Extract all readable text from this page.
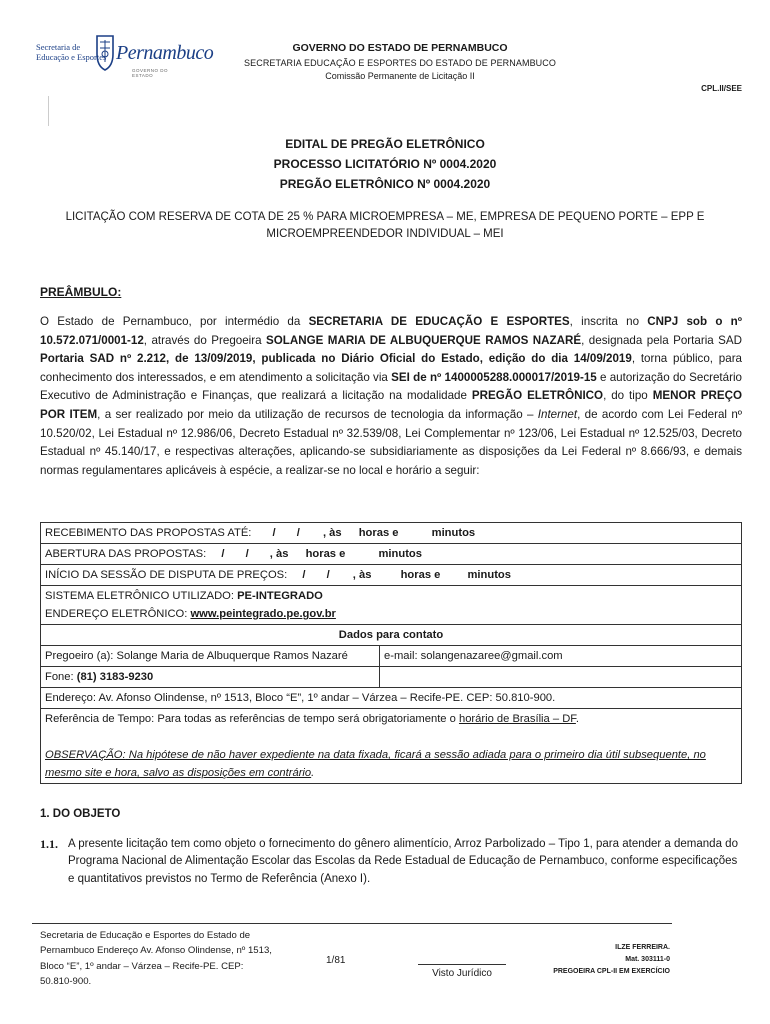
Secretaria de
Educação e Esportes Pernambuco
GOVERNO DO ESTADO
GOVERNO DO ESTADO DE PERNAMBUCO
SECRETARIA EDUCAÇÃO E ESPORTES DO ESTADO DE PERNAMBUCO
Comissão Permanente de Licitação II
CPL.II/SEE
EDITAL DE PREGÃO ELETRÔNICO
PROCESSO LICITATÓRIO Nº 0004.2020
PREGÃO ELETRÔNICO Nº 0004.2020
LICITAÇÃO COM RESERVA DE COTA DE 25 % PARA MICROEMPRESA – ME, EMPRESA DE PEQUENO PORTE – EPP E MICROEMPREENDEDOR INDIVIDUAL – MEI
PREÂMBULO:
O Estado de Pernambuco, por intermédio da SECRETARIA DE EDUCAÇÃO E ESPORTES, inscrita no CNPJ sob o nº 10.572.071/0001-12, através do Pregoeira SOLANGE MARIA DE ALBUQUERQUE RAMOS NAZARÉ, designada pela Portaria SAD Portaria SAD nº 2.212, de 13/09/2019, publicada no Diário Oficial do Estado, edição do dia 14/09/2019, torna público, para conhecimento dos interessados, e em atendimento a solicitação via SEI de nº 1400005288.000017/2019-15 e autorização do Secretário Executivo de Administração e Finanças, que realizará a licitação na modalidade PREGÃO ELETRÔNICO, do tipo MENOR PREÇO POR ITEM, a ser realizado por meio da utilização de recursos de tecnologia da informação – Internet, de acordo com Lei Federal nº 10.520/02, Lei Estadual nº 12.986/06, Decreto Estadual nº 32.539/08, Lei Complementar nº 123/06, Lei Estadual nº 12.525/03, Decreto Estadual nº 45.140/17, e respectivas alterações, aplicando-se subsidiariamente as disposições da Lei Federal nº 8.666/93, e demais normas regulamentares aplicáveis à espécie, a realizar-se no local e horário a seguir:
RECEBIMENTO DAS PROPOSTAS ATÉ: / / , às horas e minutos	
ABERTURA DAS PROPOSTAS: / / , às horas e minutos	
INÍCIO DA SESSÃO DE DISPUTA DE PREÇOS: / / , às horas e minutos	
SISTEMA ELETRÔNICO UTILIZADO: PE-INTEGRADO
ENDEREÇO ELETRÔNICO: www.peintegrado.pe.gov.br	
Dados para contato	
Pregoeiro (a): Solange Maria de Albuquerque Ramos Nazaré	e-mail: solangenazaree@gmail.com
Fone: (81) 3183-9230	
Endereço: Av. Afonso Olindense, nº 1513, Bloco “E”, 1º andar – Várzea – Recife-PE. CEP: 50.810-900.	
Referência de Tempo: Para todas as referências de tempo será obrigatoriamente o horário de Brasília – DF.
OBSERVAÇÃO: Na hipótese de não haver expediente na data fixada, ficará a sessão adiada para o primeiro dia útil subsequente, no mesmo site e hora, salvo as disposições em contrário.	
1. DO OBJETO
1.1. A presente licitação tem como objeto o fornecimento do gênero alimentício, Arroz Parbolizado – Tipo 1, para atender a demanda do Programa Nacional de Alimentação Escolar das Escolas da Rede Estadual de Educação de Pernambuco, conforme especificações e quantitativos previstos no Termo de Referência (Anexo I).
Secretaria de Educação e Esportes do Estado de Pernambuco Endereço Av. Afonso Olindense, nº 1513, Bloco “E”, 1º andar – Várzea – Recife-PE. CEP: 50.810-900.
1/81
Visto Jurídico
ILZE FERREIRA.
Mat. 303111-0
PREGOEIRA CPL-II EM EXERCÍCIO
